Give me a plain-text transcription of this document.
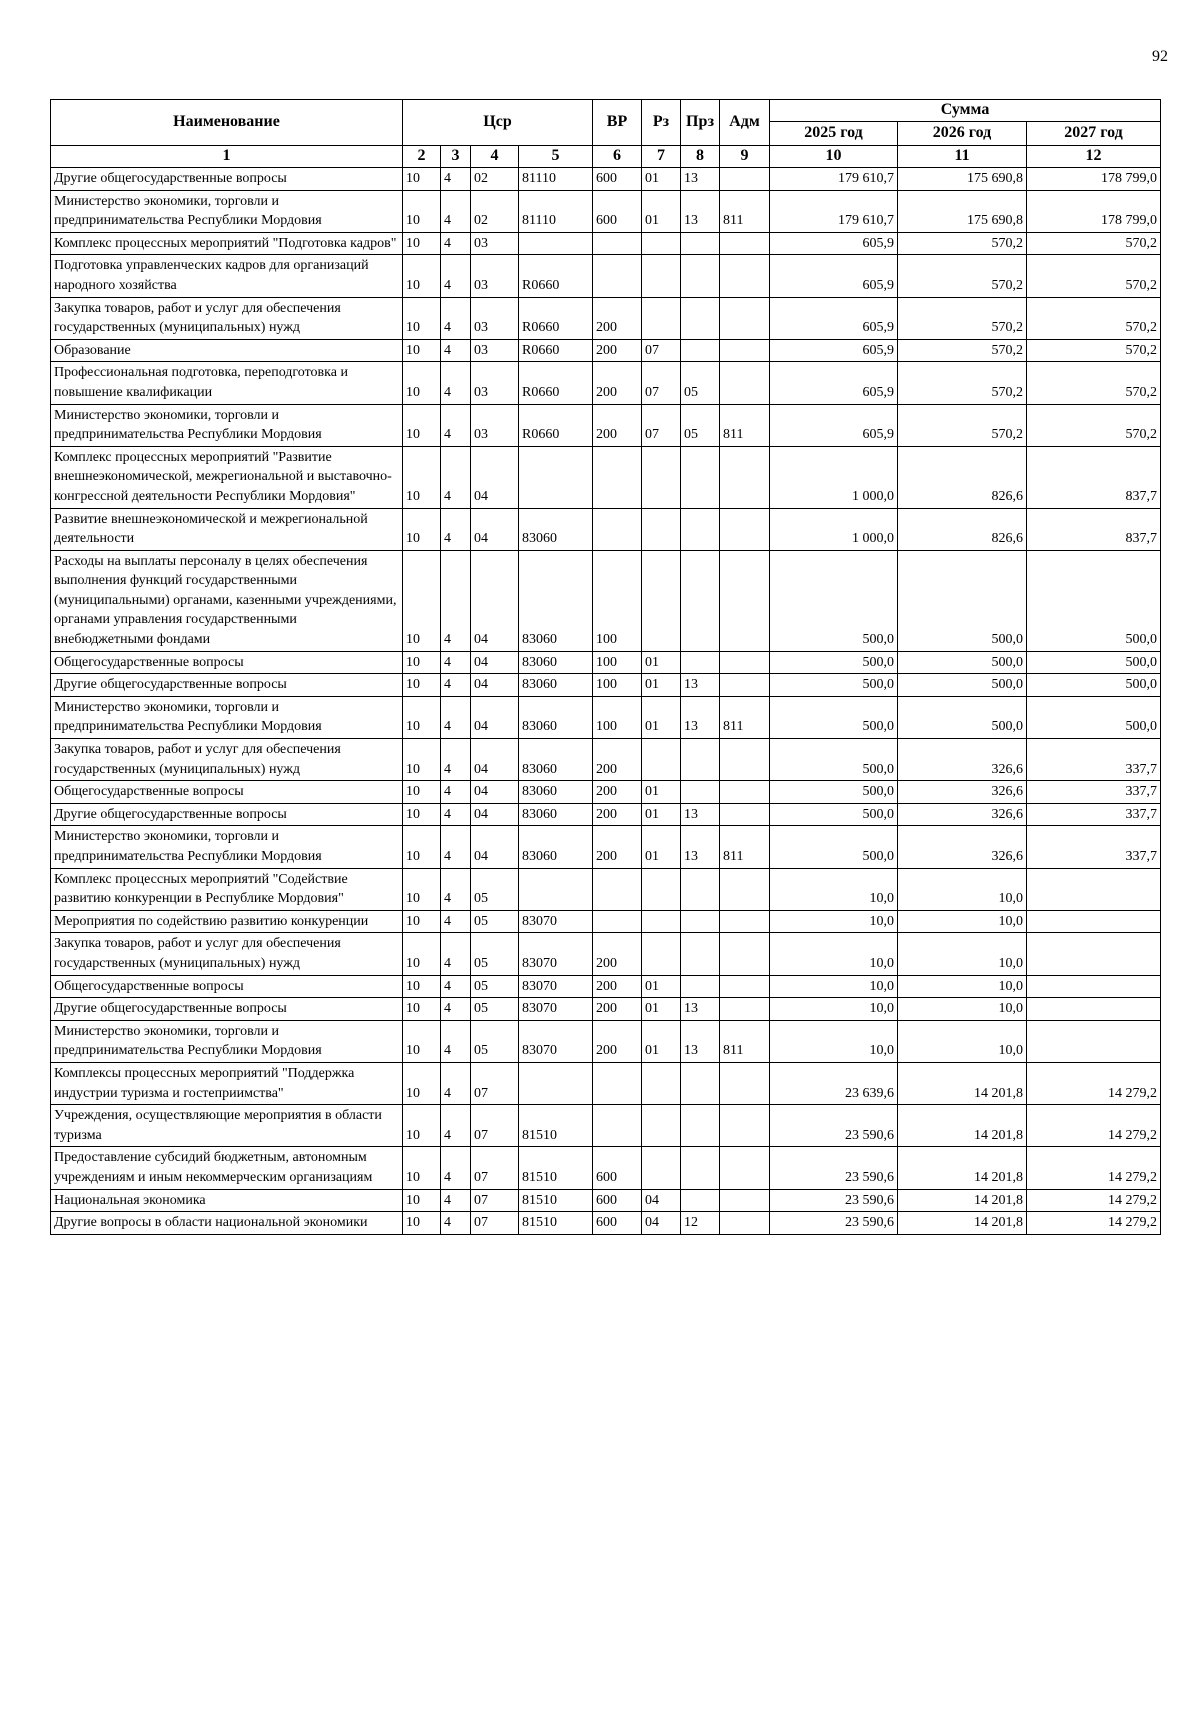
92
Наименование	Цср				ВР	Рз	Прз	Адм	Сумма		
									2025 год	2026 год	2027 год
1	2	3	4	5	6	7	8	9	10	11	12
Другие общегосударственные вопросы	10	4	02	81110	600	01	13		179 610,7	175 690,8	178 799,0
Министерство экономики, торговли и предпринимательства Республики Мордовия	10	4	02	81110	600	01	13	811	179 610,7	175 690,8	178 799,0
Комплекс процессных мероприятий "Подготовка кадров"	10	4	03						605,9	570,2	570,2
Подготовка управленческих кадров для организаций народного хозяйства	10	4	03	R0660					605,9	570,2	570,2
Закупка товаров, работ и услуг для обеспечения государственных (муниципальных) нужд	10	4	03	R0660	200				605,9	570,2	570,2
Образование	10	4	03	R0660	200	07			605,9	570,2	570,2
Профессиональная подготовка, переподготовка и повышение квалификации	10	4	03	R0660	200	07	05		605,9	570,2	570,2
Министерство экономики, торговли и предпринимательства Республики Мордовия	10	4	03	R0660	200	07	05	811	605,9	570,2	570,2
Комплекс процессных мероприятий "Развитие внешнеэкономической, межрегиональной и выставочно-конгрессной деятельности Республики Мордовия"	10	4	04						1 000,0	826,6	837,7
Развитие внешнеэкономической и межрегиональной деятельности	10	4	04	83060					1 000,0	826,6	837,7
Расходы на выплаты персоналу в целях обеспечения выполнения функций государственными (муниципальными) органами, казенными учреждениями, органами управления государственными внебюджетными фондами	10	4	04	83060	100				500,0	500,0	500,0
Общегосударственные вопросы	10	4	04	83060	100	01			500,0	500,0	500,0
Другие общегосударственные вопросы	10	4	04	83060	100	01	13		500,0	500,0	500,0
Министерство экономики, торговли и предпринимательства Республики Мордовия	10	4	04	83060	100	01	13	811	500,0	500,0	500,0
Закупка товаров, работ и услуг для обеспечения государственных (муниципальных) нужд	10	4	04	83060	200				500,0	326,6	337,7
Общегосударственные вопросы	10	4	04	83060	200	01			500,0	326,6	337,7
Другие общегосударственные вопросы	10	4	04	83060	200	01	13		500,0	326,6	337,7
Министерство экономики, торговли и предпринимательства Республики Мордовия	10	4	04	83060	200	01	13	811	500,0	326,6	337,7
Комплекс процессных мероприятий "Содействие развитию конкуренции в Республике Мордовия"	10	4	05						10,0	10,0	
Мероприятия по содействию развитию конкуренции	10	4	05	83070					10,0	10,0	
Закупка товаров, работ и услуг для обеспечения государственных (муниципальных) нужд	10	4	05	83070	200				10,0	10,0	
Общегосударственные вопросы	10	4	05	83070	200	01			10,0	10,0	
Другие общегосударственные вопросы	10	4	05	83070	200	01	13		10,0	10,0	
Министерство экономики, торговли и предпринимательства Республики Мордовия	10	4	05	83070	200	01	13	811	10,0	10,0	
Комплексы процессных мероприятий "Поддержка индустрии туризма и гостеприимства"	10	4	07						23 639,6	14 201,8	14 279,2
Учреждения, осуществляющие мероприятия в области туризма	10	4	07	81510					23 590,6	14 201,8	14 279,2
Предоставление субсидий бюджетным, автономным учреждениям и иным некоммерческим организациям	10	4	07	81510	600				23 590,6	14 201,8	14 279,2
Национальная экономика	10	4	07	81510	600	04			23 590,6	14 201,8	14 279,2
Другие вопросы в области национальной экономики	10	4	07	81510	600	04	12		23 590,6	14 201,8	14 279,2
